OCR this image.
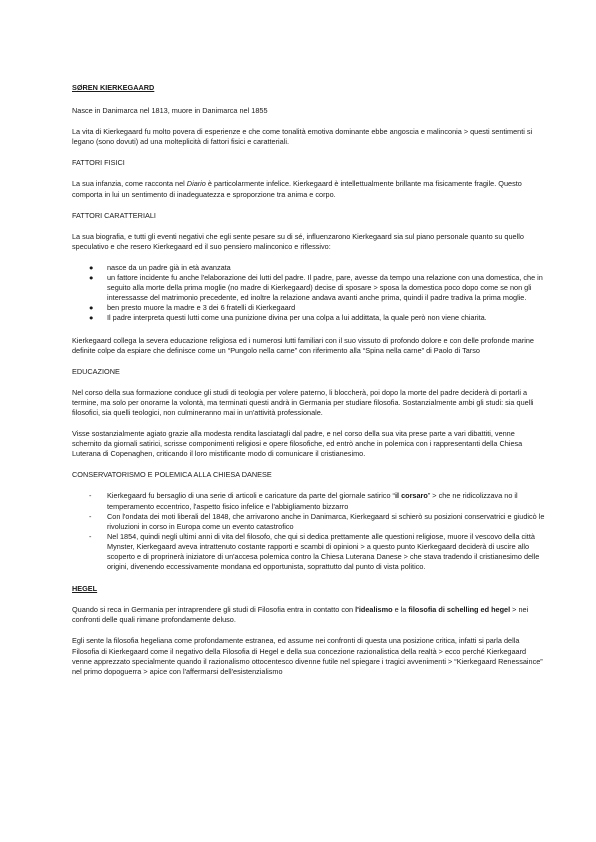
SØREN KIERKEGAARD

Nasce in Danimarca nel 1813, muore in Danimarca nel 1855

La vita di Kierkegaard fu molto povera di esperienze e che come tonalità emotiva dominante ebbe angoscia e malinconia > questi sentimenti si legano (sono dovuti) ad una molteplicità di fattori fisici e caratteriali.

FATTORI FISICI

La sua infanzia, come racconta nel Diario è particolarmente infelice. Kierkegaard è intellettualmente brillante ma fisicamente fragile. Questo comporta in lui un sentimento di inadeguatezza e sproporzione tra anima e corpo.

FATTORI CARATTERIALI

La sua biografia, e tutti gli eventi negativi che egli sente pesare su di sé, influenzarono Kierkegaard sia sul piano personale quanto su quello speculativo e che resero Kierkegaard ed il suo pensiero malinconico e riflessivo:

● nasce da un padre già in età avanzata
● un fattore incidente fu anche l'elaborazione dei lutti del padre. Il padre, pare, avesse da tempo una relazione con una domestica, che in seguito alla morte della prima moglie (no madre di Kierkegaard) decise di sposare > sposa la domestica poco dopo come se non gli interessasse del matrimonio precedente, ed inoltre la relazione andava avanti anche prima, quindi il padre tradiva la prima moglie.
● ben presto muore la madre e 3 dei 6 fratelli di Kierkegaard
● Il padre interpreta questi lutti come una punizione divina per una colpa a lui addittata, la quale però non viene chiarita.

Kierkegaard collega la severa educazione religiosa ed i numerosi lutti familiari con il suo vissuto di profondo dolore e con delle profonde marine definite colpe da espiare che definisce come un “Pungolo nella carne” con riferimento alla “Spina nella carne” di Paolo di Tarso

EDUCAZIONE

Nel corso della sua formazione conduce gli studi di teologia per volere paterno, li bloccherà, poi dopo la morte del padre deciderà di portarli a termine, ma solo per onorarne la volontà, ma terminati questi andrà in Germania per studiare filosofia. Sostanzialmente ambi gli studi: sia quelli filosofici, sia quelli teologici, non culmineranno mai in un'attività professionale.

Visse sostanzialmente agiato grazie alla modesta rendita lasciatagli dal padre, e nel corso della sua vita prese parte a vari dibattiti, venne schernito da giornali satirici, scrisse componimenti religiosi e opere filosofiche, ed entrò anche in polemica con i rappresentanti della Chiesa Luterana di Copenaghen, criticando il loro mistificante modo di comunicare il cristianesimo.

CONSERVATORISMO E POLEMICA ALLA CHIESA DANESE

- Kierkegaard fu bersaglio di una serie di articoli e caricature da parte del giornale satirico “il corsaro” > che ne ridicolizzava no il temperamento eccentrico, l'aspetto fisico infelice e l'abbigliamento bizzarro
- Con l'ondata dei moti liberali del 1848, che arrivarono anche in Danimarca, Kierkegaard si schierò su posizioni conservatrici e giudicò le rivoluzioni in corso in Europa come un evento catastrofico
- Nel 1854, quindi negli ultimi anni di vita del filosofo, che qui si dedica prettamente alle questioni religiose, muore il vescovo della città Mynster, Kierkegaard aveva intrattenuto costante rapporti e scambi di opinioni > a questo punto Kierkegaard deciderà di uscire allo scoperto e di proprinerà iniziatore di un'accesa polemica contro la Chiesa Luterana Danese > che stava tradendo il cristianesimo delle origini, divenendo eccessivamente mondana ed opportunista, soprattutto dal punto di vista politico.

HEGEL

Quando si reca in Germania per intraprendere gli studi di Filosofia entra in contatto con l'idealismo e la filosofia di schelling ed hegel > nei confronti delle quali rimane profondamente deluso.

Egli sente la filosofia hegeliana come profondamente estranea, ed assume nei confronti di questa una posizione critica, infatti si parla della Filosofia di Kierkegaard come il negativo della Filosofia di Hegel e della sua concezione razionalistica della realtà > ecco perché Kierkegaard venne apprezzato specialmente quando il razionalismo ottocentesco divenne futile nel spiegare i tragici avvenimenti > “Kierkegaard Renessaince” nel primo dopoguerra > apice con l'affermarsi dell'esistenzialismo
